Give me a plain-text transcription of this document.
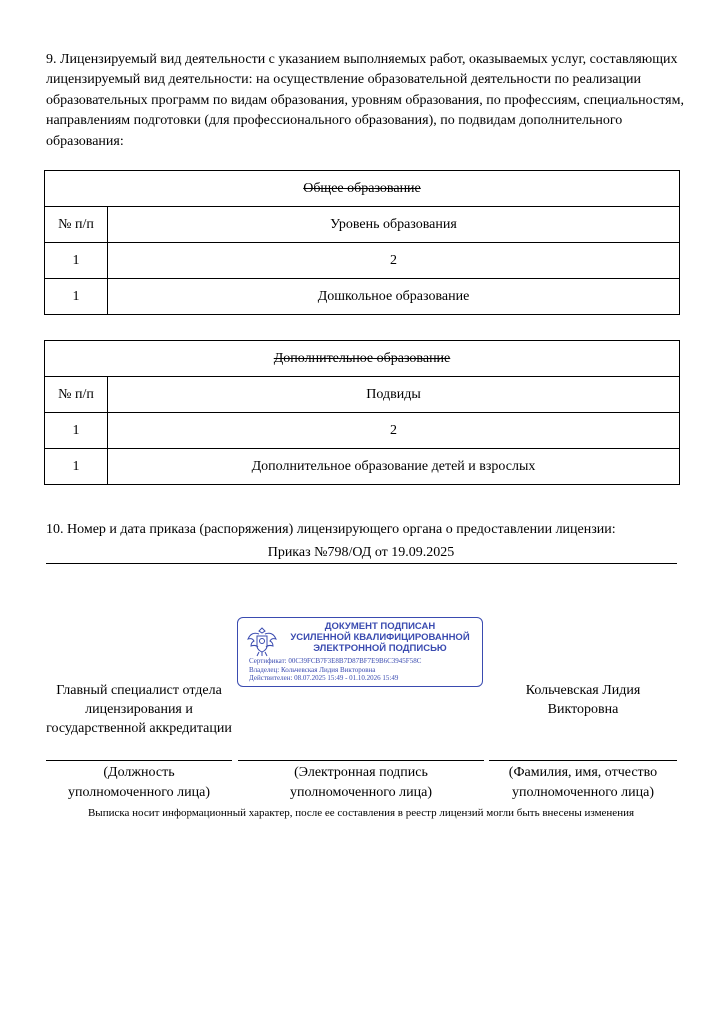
9. Лицензируемый вид деятельности с указанием выполняемых работ, оказываемых услуг, составляющих лицензируемый вид деятельности: на осуществление образовательной деятельности по реализации образовательных программ по видам образования, уровням образования, по профессиям, специальностям, направлениям подготовки (для профессионального образования), по подвидам дополнительного образования:
Общее образование	
№ п/п	Уровень образования
1	2
1	Дошкольное образование
Дополнительное образование	
№ п/п	Подвиды
1	2
1	Дополнительное образование детей и взрослых
10. Номер и дата приказа (распоряжения) лицензирующего органа о предоставлении лицензии:
Приказ №798/ОД от 19.09.2025
ДОКУМЕНТ ПОДПИСАН
УСИЛЕННОЙ КВАЛИФИЦИРОВАННОЙ
ЭЛЕКТРОННОЙ ПОДПИСЬЮ
Сертификат: 00C39FCB7F3E8B7D87BF7E9B6C3945F58C
Владелец: Кольчевская Лидия Викторовна
Действителен: 08.07.2025 15:49 - 01.10.2026 15:49
Главный специалист отдела лицензирования и государственной аккредитации
Кольчевская Лидия Викторовна
(Должность
уполномоченного лица)
(Электронная подпись
уполномоченного лица)
(Фамилия, имя, отчество
уполномоченного лица)
Выписка носит информационный характер, после ее составления в реестр лицензий могли быть внесены изменения
